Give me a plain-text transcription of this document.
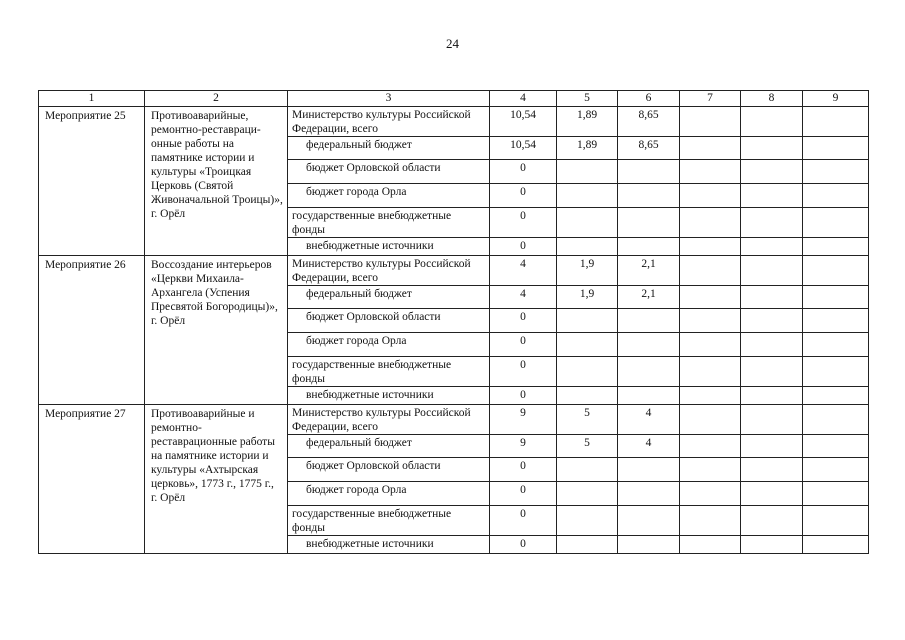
24
1	2	3	4	5	6	7	8	9
Мероприятие 25	Противоаварийные, ремонтно-реставраци-онные работы на памятнике истории и культуры «Троицкая Церковь (Святой Живоначальной Троицы)», г. Орёл	Министерство культуры Российской Федерации, всего	10,54	1,89	8,65			
		федеральный бюджет	10,54	1,89	8,65			
		бюджет Орловской области	0					
		бюджет города Орла	0					
		государственные внебюджетные фонды	0					
		внебюджетные источники	0					
Мероприятие 26	Воссоздание интерьеров «Церкви Михаила-Архангела (Успения Пресвятой Богородицы)», г. Орёл	Министерство культуры Российской Федерации, всего	4	1,9	2,1			
		федеральный бюджет	4	1,9	2,1			
		бюджет Орловской области	0					
		бюджет города Орла	0					
		государственные внебюджетные фонды	0					
		внебюджетные источники	0					
Мероприятие 27	Противоаварийные и ремонтно-реставрационные работы на памятнике истории и культуры «Ахтырская церковь», 1773 г., 1775 г., г. Орёл	Министерство культуры Российской Федерации, всего	9	5	4			
		федеральный бюджет	9	5	4			
		бюджет Орловской области	0					
		бюджет города Орла	0					
		государственные внебюджетные фонды	0					
		внебюджетные источники	0					
